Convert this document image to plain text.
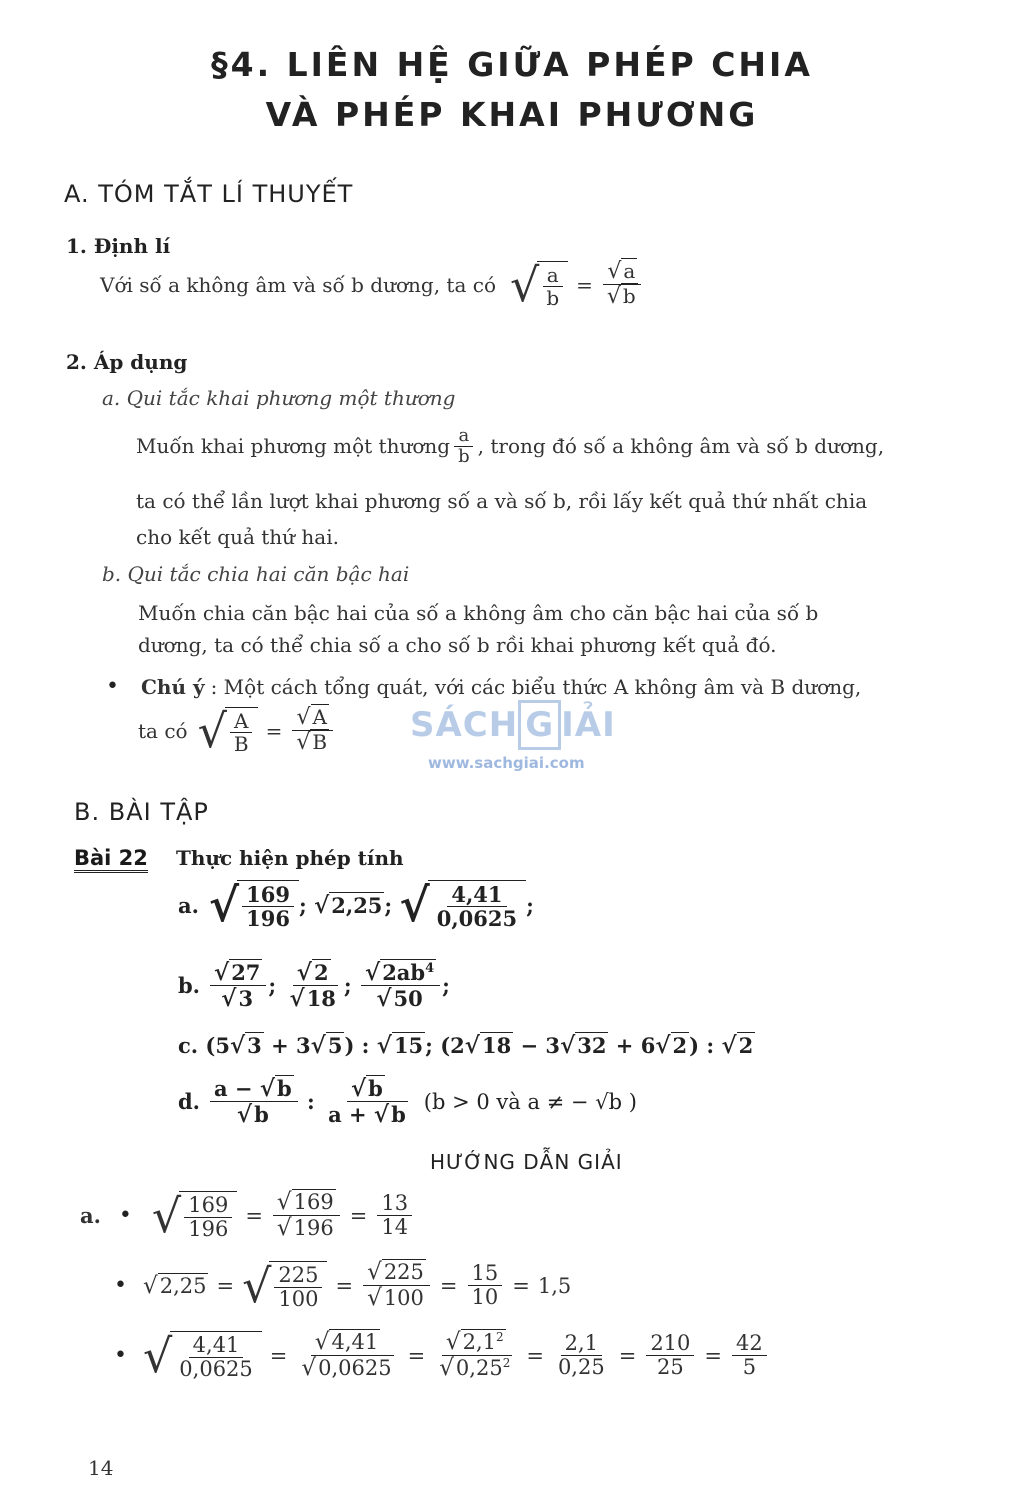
§4. LIÊN HỆ GIỮA PHÉP CHIA
VÀ PHÉP KHAI PHƯƠNG
A. TÓM TẮT LÍ THUYẾT
1. Định lí
Với số a không âm và số b dương, ta có √ $\frac{a}{b} = \frac{√ a}{√ b}$
2. Áp dụng
a. Qui tắc khai phương một thương
Muốn khai phương một thương $\frac{a}{b}$ , trong đó số a không âm và số b dương,
ta có thể lần lượt khai phương số a và số b, rồi lấy kết quả thứ nhất chia
cho kết quả thứ hai.
b. Qui tắc chia hai căn bậc hai
Muốn chia căn bậc hai của số a không âm cho căn bậc hai của số b
dương, ta có thể chia số a cho số b rồi khai phương kết quả đó.
• Chú ý : Một cách tổng quát, với các biểu thức A không âm và B dương,
ta có √ $\frac{A}{B} = \frac{√ A}{√ B}$ SÁCH G IẢI
www.sachgiai.com
B. BÀI TẬP
Bài 22 Thực hiện phép tính
a. √ $\frac{169}{196}$ ; √2,25 ; √ $\frac{4,41}{0,0625}$ ;
b. $\frac{√27}{√3}$ ; $\frac{√2}{√18}$ ; $\frac{√2ab^4}{√50}$ ;
c. (5√3 + 3√5) : √15; (2√18 − 3√32 + 6√2) : √2
d. $\frac{a - √b}{√b}$ : $\frac{√b}{a + √b} (b > 0$ và a ≠ − √b )
HƯỚNG DẪN GIẢI
a. • √ $\frac{169}{196} = \frac{√169}{√196} = \frac{13}{14}$
• √2,25 = √ $\frac{225}{100} = \frac{√225}{√100} = \frac{15}{10} = 1,5$
• √ $\frac{4,41}{0,0625} = \frac{√4,41}{√0,0625} = \frac{√2,1^2}{√0,25^2} = \frac{2,1}{0,25} = \frac{210}{25} = \frac{42}{5}$
14
